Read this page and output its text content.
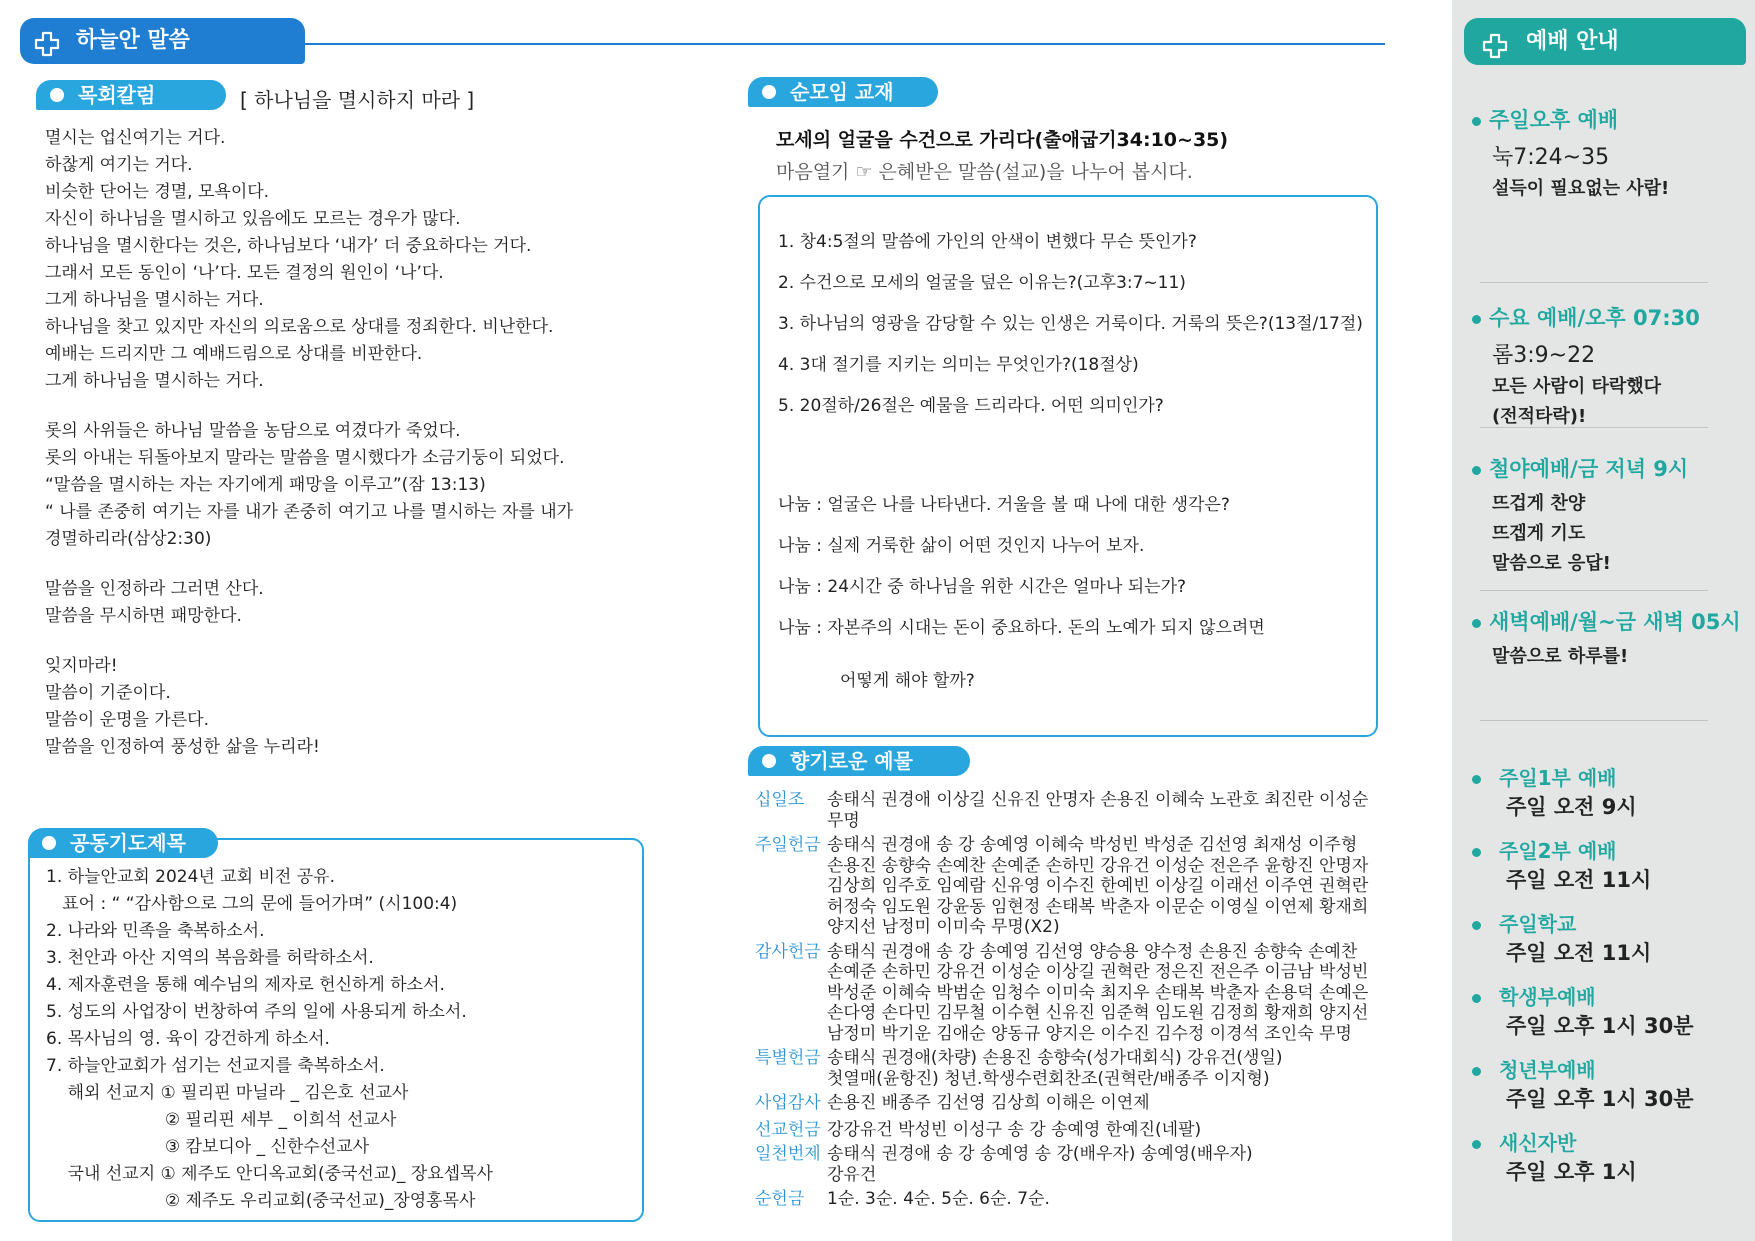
하늘안 말씀
목회칼럼	[ 하나님을 멸시하지 마라 ]

멸시는 업신여기는 거다.

하찮게 여기는 거다.

비슷한 단어는 경멸, 모욕이다.

자신이 하나님을 멸시하고 있음에도 모르는 경우가 많다.

하나님을 멸시한다는 것은, 하나님보다 ‘내가’ 더 중요하다는 거다.

그래서 모든 동인이 ‘나’다. 모든 결정의 원인이 ‘나’다.

그게 하나님을 멸시하는 거다.

하나님을 찾고 있지만 자신의 의로움으로 상대를 정죄한다. 비난한다.

예배는 드리지만 그 예배드림으로 상대를 비판한다.

그게 하나님을 멸시하는 거다.

롯의 사위들은 하나님 말씀을 농담으로 여겼다가 죽었다.

롯의 아내는 뒤돌아보지 말라는 말씀을 멸시했다가 소금기둥이 되었다.

“말씀을 멸시하는 자는 자기에게 패망을 이루고”(잠 13:13)

“ 나를 존중히 여기는 자를 내가 존중히 여기고 나를 멸시하는 자를 내가

경멸하리라(삼상2:30)

말씀을 인정하라 그러면 산다.

말씀을 무시하면 패망한다.

잊지마라!

말씀이 기준이다.

말씀이 운명을 가른다.

말씀을 인정하여 풍성한 삶을 누리라!

공동기도제목

1. 하늘안교회 2024년 교회 비전 공유.

표어 : “ “감사함으로 그의 문에 들어가며” (시100:4)

2. 나라와 민족을 축복하소서.

3. 천안과 아산 지역의 복음화를 허락하소서.

4. 제자훈련을 통해 예수님의 제자로 헌신하게 하소서.

5. 성도의 사업장이 번창하여 주의 일에 사용되게 하소서.

6. 목사님의 영. 육이 강건하게 하소서.

7. 하늘안교회가 섬기는 선교지를 축복하소서.

해외 선교지 ① 필리핀 마닐라 _ 김은호 선교사

② 필리핀 세부 _ 이희석 선교사

③ 캄보디아 _ 신한수선교사

국내 선교지 ① 제주도 안디옥교회(중국선교)_ 장요셉목사

② 제주도 우리교회(중국선교)_장영홍목사

순모임 교재
모세의 얼굴을 수건으로 가리다(출애굽기34:10~35)
마음열기 ☞ 은혜받은 말씀(설교)을 나누어 봅시다.
1. 창4:5절의 말씀에 가인의 안색이 변했다 무슨 뜻인가?
2. 수건으로 모세의 얼굴을 덮은 이유는?(고후3:7~11)
3. 하나님의 영광을 감당할 수 있는 인생은 거룩이다. 거룩의 뜻은?(13절/17절)
4. 3대 절기를 지키는 의미는 무엇인가?(18절상)
5. 20절하/26절은 예물을 드리라다. 어떤 의미인가?
나눔 : 얼굴은 나를 나타낸다. 거울을 볼 때 나에 대한 생각은?
나눔 : 실제 거룩한 삶이 어떤 것인지 나누어 보자.
나눔 : 24시간 중 하나님을 위한 시간은 얼마나 되는가?
나눔 : 자본주의 시대는 돈이 중요하다. 돈의 노예가 되지 않으려면
어떻게 해야 할까?
향기로운 예물
십일조	송태식 권경애 이상길 신유진 안명자 손용진 이혜숙 노관호 최진란 이성순
무명
주일헌금 송태식 권경애 송 강 송예영 이혜숙 박성빈 박성준 김선영 최재성 이주형
손용진 송향숙 손예찬 손예준 손하민 강유건 이성순 전은주 윤항진 안명자
김상희 임주호 임예람 신유영 이수진 한예빈 이상길 이래선 이주연 권혁란
허정숙 임도원 강윤동 임현정 손태복 박춘자 이문순 이영실 이연제 황재희
양지선 남정미 이미숙 무명(X2)
감사헌금 송태식 권경애 송 강 송예영 김선영 양승용 양수정 손용진 송향숙 손예찬
손예준 손하민 강유건 이성순 이상길 권혁란 정은진 전은주 이금남 박성빈
박성준 이혜숙 박범순 임청수 이미숙 최지우 손태복 박춘자 손용덕 손예은
손다영 손다민 김무철 이수현 신유진 임준혁 임도원 김정희 황재희 양지선
남정미 박기운 김애순 양동규 양지은 이수진 김수정 이경석 조인숙 무명
특별헌금 송태식 권경애(차량) 손용진 송향숙(성가대회식) 강유건(생일)
첫열매(윤항진) 청년.학생수련회찬조(권혁란/배종주 이지형)
사업감사 손용진 배종주 김선영 김상희 이해은 이연제
선교헌금 강강유건 박성빈 이성구 송 강 송예영 한예진(네팔)
일천번제 송태식 권경애 송 강 송예영 송 강(배우자) 송예영(배우자)
강유건
순헌금	1순. 3순. 4순. 5순. 6순. 7순.
예배 안내
주일오후 예배
눅7:24~35
설득이 필요없는 사람!
수요 예배/오후 07:30
롬3:9~22
모든 사람이 타락했다
(전적타락)!
철야예배/금 저녁 9시
뜨겁게 찬양
뜨겝게 기도
말씀으로 응답!
새벽예배/월~금 새벽 05시
말씀으로 하루를!
주일1부 예배
주일 오전 9시
주일2부 예배
주일 오전 11시
주일학교
주일 오전 11시
학생부예배
주일 오후 1시 30분
청년부예배
주일 오후 1시 30분
새신자반
주일 오후 1시
